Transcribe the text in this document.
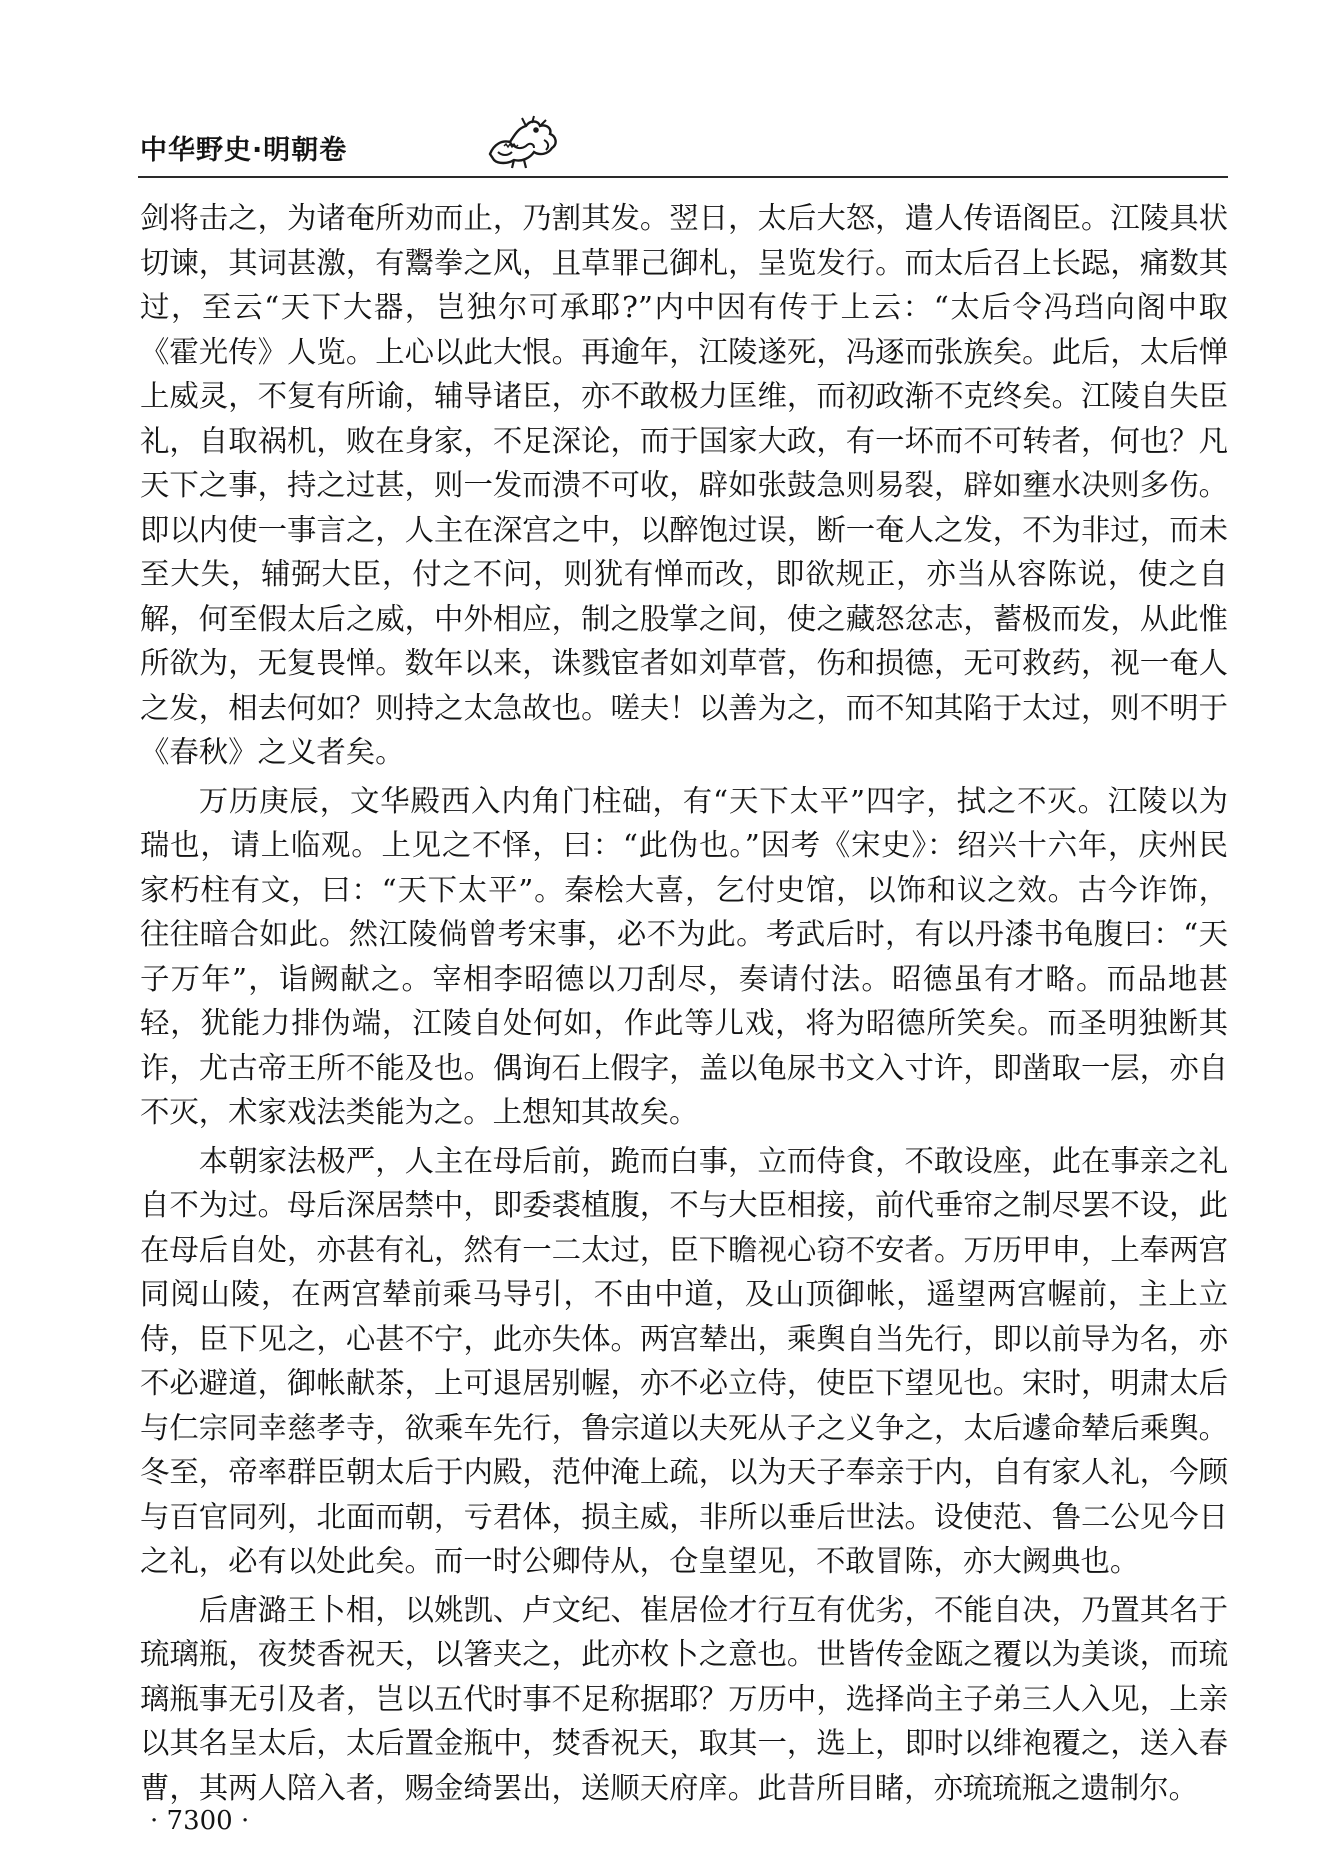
中华野史·明朝卷

剑将击之，为诸奄所劝而止，乃割其发。翌日，太后大怒，遣人传语阁臣。江陵具状切谏，其词甚激，有鬻拳之风，且草罪己御札，呈览发行。而太后召上长跽，痛数其过，至云“天下大器，岂独尔可承耶?”内中因有传于上云：“太后令冯珰向阁中取《霍光传》人览。上心以此大恨。再逾年，江陵遂死，冯逐而张族矣。此后，太后惮上威灵，不复有所谕，辅导诸臣，亦不敢极力匡维，而初政渐不克终矣。江陵自失臣礼，自取祸机，败在身家，不足深论，而于国家大政，有一坏而不可转者，何也？凡天下之事，持之过甚，则一发而溃不可收，辟如张鼓急则易裂，辟如壅水决则多伤。即以内使一事言之，人主在深宫之中，以醉饱过误，断一奄人之发，不为非过，而未至大失，辅弼大臣，付之不问，则犹有惮而改，即欲规正，亦当从容陈说，使之自解，何至假太后之威，中外相应，制之股掌之间，使之藏怒忿志，蓄极而发，从此惟所欲为，无复畏惮。数年以来，诛戮宦者如刘草菅，伤和损德，无可救药，视一奄人之发，相去何如？则持之太急故也。嗟夫！以善为之，而不知其陷于太过，则不明于《春秋》之义者矣。

万历庚辰，文华殿西入内角门柱础，有“天下太平”四字，拭之不灭。江陵以为瑞也，请上临观。上见之不怿，曰：“此伪也。”因考《宋史》：绍兴十六年，庆州民家朽柱有文，曰：“天下太平”。秦桧大喜，乞付史馆，以饰和议之效。古今诈饰，往往暗合如此。然江陵倘曾考宋事，必不为此。考武后时，有以丹漆书龟腹曰：“天子万年”，诣阙献之。宰相李昭德以刀刮尽，奏请付法。昭德虽有才略。而品地甚轻，犹能力排伪端，江陵自处何如，作此等儿戏，将为昭德所笑矣。而圣明独断其诈，尤古帝王所不能及也。偶询石上假字，盖以龟尿书文入寸许，即凿取一层，亦自不灭，术家戏法类能为之。上想知其故矣。

本朝家法极严，人主在母后前，跪而白事，立而侍食，不敢设座，此在事亲之礼自不为过。母后深居禁中，即委裘植腹，不与大臣相接，前代垂帘之制尽罢不设，此在母后自处，亦甚有礼，然有一二太过，臣下瞻视心窃不安者。万历甲申，上奉两宫同阅山陵，在两宫辇前乘马导引，不由中道，及山顶御帐，遥望两宫幄前，主上立侍，臣下见之，心甚不宁，此亦失体。两宫辇出，乘舆自当先行，即以前导为名，亦不必避道，御帐献茶，上可退居别幄，亦不必立侍，使臣下望见也。宋时，明肃太后与仁宗同幸慈孝寺，欲乘车先行，鲁宗道以夫死从子之义争之，太后遽命辇后乘舆。冬至，帝率群臣朝太后于内殿，范仲淹上疏，以为天子奉亲于内，自有家人礼，今顾与百官同列，北面而朝，亏君体，损主威，非所以垂后世法。设使范、鲁二公见今日之礼，必有以处此矣。而一时公卿侍从，仓皇望见，不敢冒陈，亦大阙典也。

后唐潞王卜相，以姚凯、卢文纪、崔居俭才行互有优劣，不能自决，乃置其名于琉璃瓶，夜焚香祝天，以箸夹之，此亦枚卜之意也。世皆传金瓯之覆以为美谈，而琉璃瓶事无引及者，岂以五代时事不足称据耶？万历中，选择尚主子弟三人入见，上亲以其名呈太后，太后置金瓶中，焚香祝天，取其一，选上，即时以绯袍覆之，送入春曹，其两人陪入者，赐金绮罢出，送顺天府庠。此昔所目睹，亦琉琉瓶之遗制尔。

· 7300 ·
